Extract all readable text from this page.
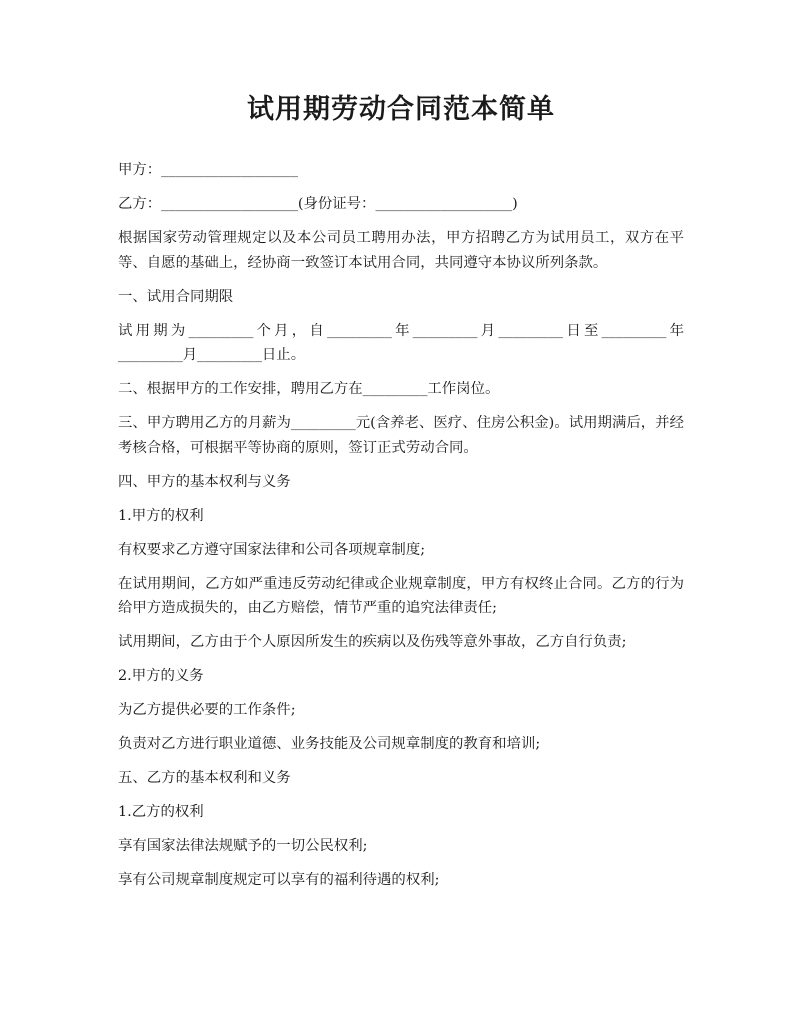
试用期劳动合同范本简单

甲方：___________________

乙方：___________________(身份证号：___________________)

根据国家劳动管理规定以及本公司员工聘用办法，甲方招聘乙方为试用员工，双方在平等、自愿的基础上，经协商一致签订本试用合同，共同遵守本协议所列条款。

一、试用合同期限

试用期为_________个月，自_________年_________月_________日至_________年_________月_________日止。

二、根据甲方的工作安排，聘用乙方在_________工作岗位。

三、甲方聘用乙方的月薪为_________元(含养老、医疗、住房公积金)。试用期满后，并经考核合格，可根据平等协商的原则，签订正式劳动合同。

四、甲方的基本权利与义务

1.甲方的权利

有权要求乙方遵守国家法律和公司各项规章制度;

在试用期间，乙方如严重违反劳动纪律或企业规章制度，甲方有权终止合同。乙方的行为给甲方造成损失的，由乙方赔偿，情节严重的追究法律责任;

试用期间，乙方由于个人原因所发生的疾病以及伤残等意外事故，乙方自行负责;

2.甲方的义务

为乙方提供必要的工作条件;

负责对乙方进行职业道德、业务技能及公司规章制度的教育和培训;

五、乙方的基本权利和义务

1.乙方的权利

享有国家法律法规赋予的一切公民权利;

享有公司规章制度规定可以享有的福利待遇的权利;
